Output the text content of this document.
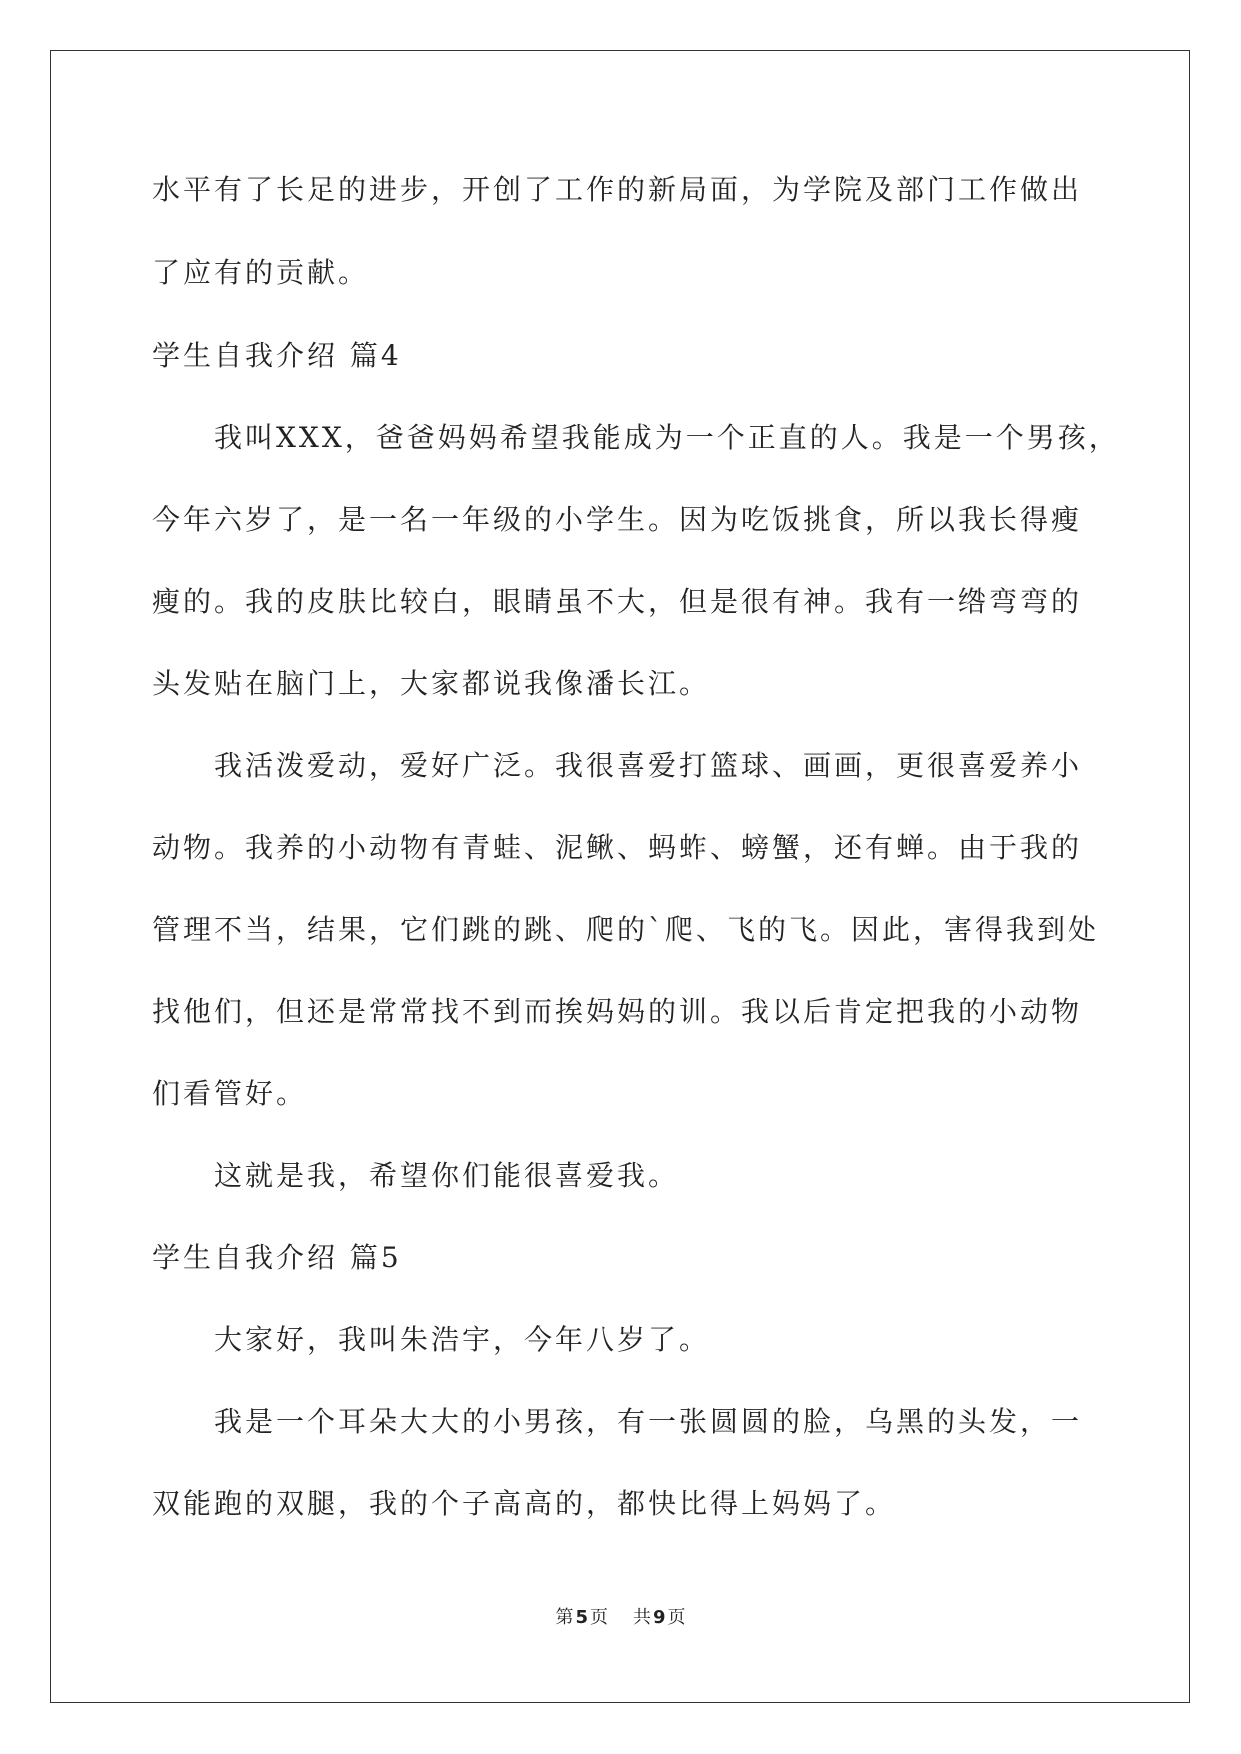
水平有了长足的进步，开创了工作的新局面，为学院及部门工作做出
了应有的贡献。
学生自我介绍 篇4
我叫XXX，爸爸妈妈希望我能成为一个正直的人。我是一个男孩，
今年六岁了，是一名一年级的小学生。因为吃饭挑食，所以我长得瘦
瘦的。我的皮肤比较白，眼睛虽不大，但是很有神。我有一绺弯弯的
头发贴在脑门上，大家都说我像潘长江。
我活泼爱动，爱好广泛。我很喜爱打篮球、画画，更很喜爱养小
动物。我养的小动物有青蛙、泥鳅、蚂蚱、螃蟹，还有蝉。由于我的
管理不当，结果，它们跳的跳、爬的`爬、飞的飞。因此，害得我到处
找他们，但还是常常找不到而挨妈妈的训。我以后肯定把我的小动物
们看管好。
这就是我，希望你们能很喜爱我。
学生自我介绍 篇5
大家好，我叫朱浩宇，今年八岁了。
我是一个耳朵大大的小男孩，有一张圆圆的脸，乌黑的头发，一
双能跑的双腿，我的个子高高的，都快比得上妈妈了。
第 5 页 共 9 页
